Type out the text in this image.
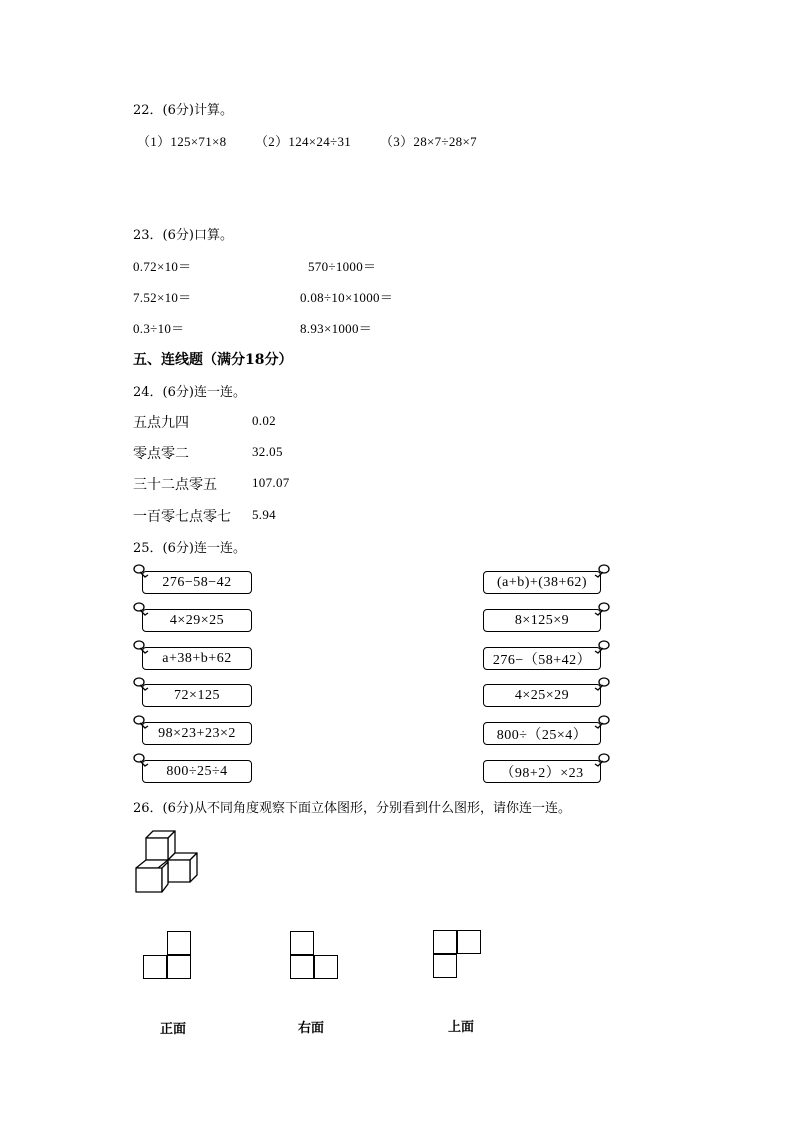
22．(6分)计算。
（1）125×71×8 （2）124×24÷31 （3）28×7÷28×7
23．(6分)口算。
0.72×10＝
7.52×10＝
0.3÷10＝
570÷1000＝
0.08÷10×1000＝
8.93×1000＝
五、连线题（满分18分）
24．(6分)连一连。
五点九四
零点零二
三十二点零五
一百零七点零七
0.02
32.05
107.07
5.94
25．(6分)连一连。
276−58−42
4×29×25
a+38+b+62
72×125
98×23+23×2
800÷25÷4
(a+b)+(38+62)
8×125×9
276−（58+42）
4×25×29
800÷（25×4）
（98+2）×23
26．(6分)从不同角度观察下面立体图形，分别看到什么图形，请你连一连。
正面	右面	上面
